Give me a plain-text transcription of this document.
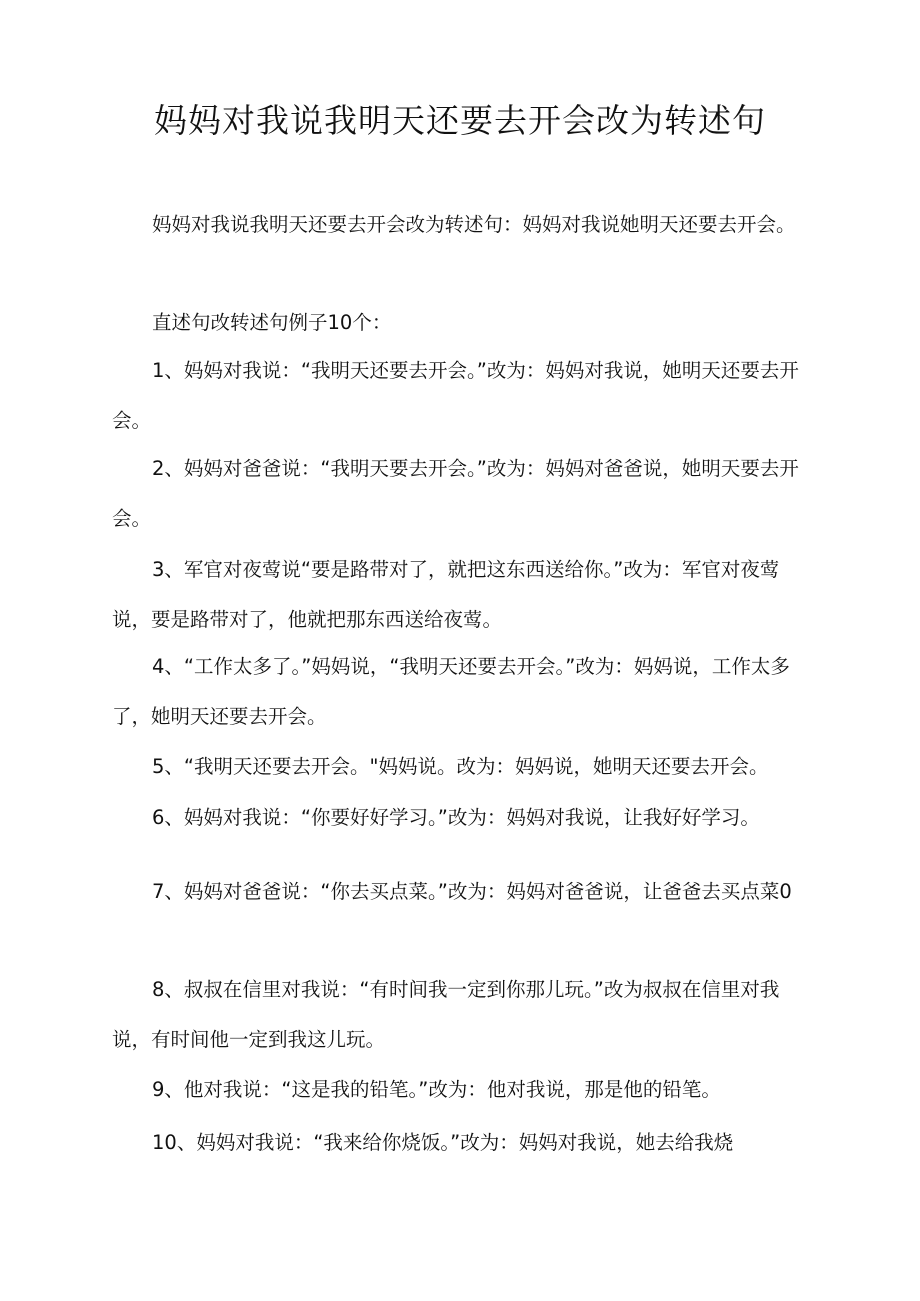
妈妈对我说我明天还要去开会改为转述句

妈妈对我说我明天还要去开会改为转述句：妈妈对我说她明天还要去开会。

直述句改转述句例子10个：

1、妈妈对我说：“我明天还要去开会。”改为：妈妈对我说，她明天还要去开会。

2、妈妈对爸爸说：“我明天要去开会。”改为：妈妈对爸爸说，她明天要去开会。

3、军官对夜莺说“要是路带对了，就把这东西送给你。”改为：军官对夜莺说，要是路带对了，他就把那东西送给夜莺。

4、“工作太多了。”妈妈说，“我明天还要去开会。”改为：妈妈说，工作太多了，她明天还要去开会。

5、“我明天还要去开会。"妈妈说。改为：妈妈说，她明天还要去开会。

6、妈妈对我说：“你要好好学习。”改为：妈妈对我说，让我好好学习。

7、妈妈对爸爸说：“你去买点菜。”改为：妈妈对爸爸说，让爸爸去买点菜0

8、叔叔在信里对我说：“有时间我一定到你那儿玩。”改为叔叔在信里对我说，有时间他一定到我这儿玩。

9、他对我说：“这是我的铅笔。”改为：他对我说，那是他的铅笔。

10、妈妈对我说：“我来给你烧饭。”改为：妈妈对我说，她去给我烧
